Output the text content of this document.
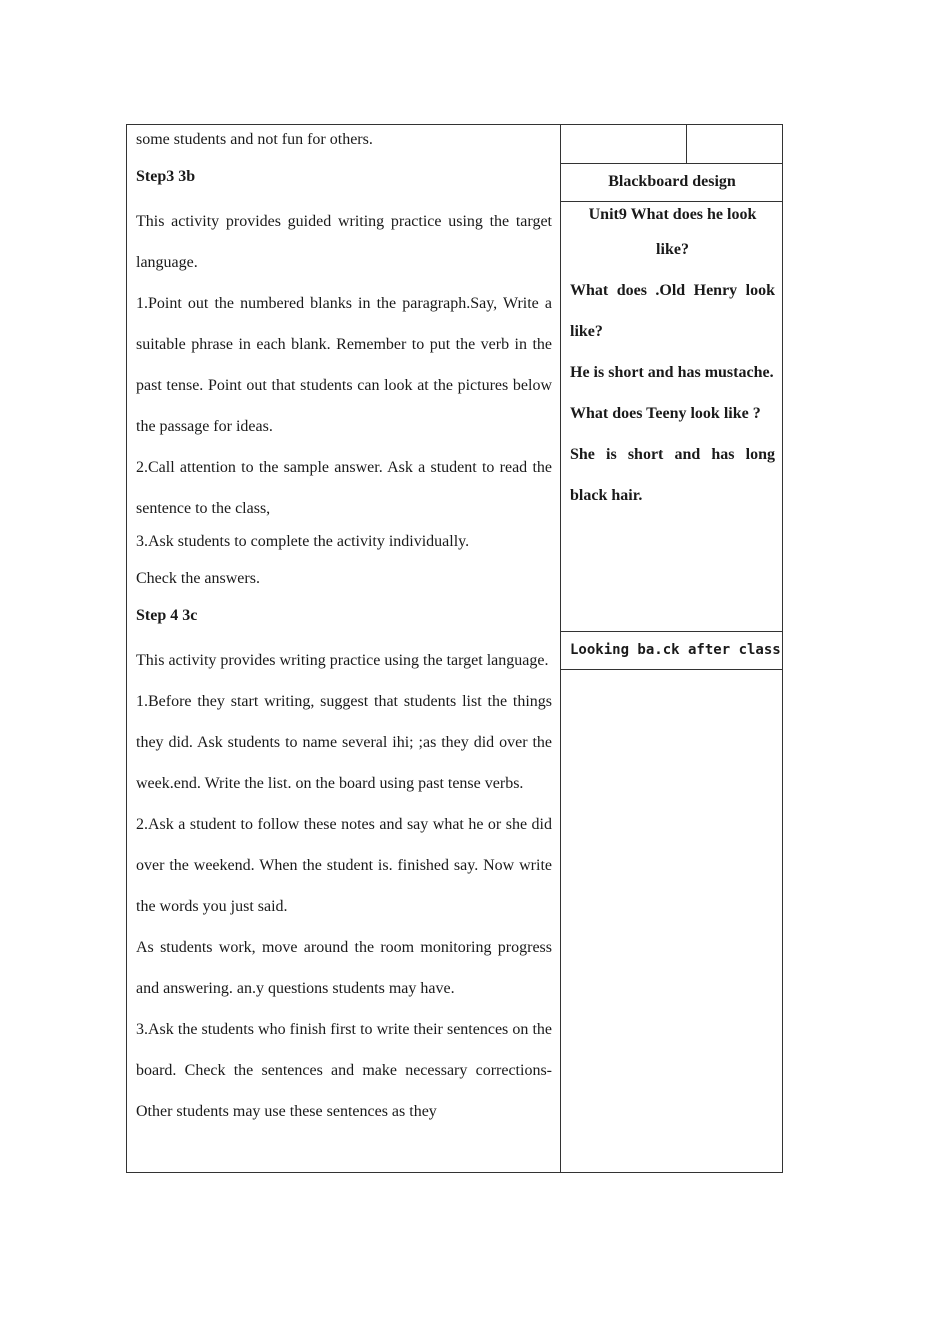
some students and not fun for others.

Step3 3b

This activity provides guided writing practice using the target language.

1.Point out the numbered blanks in the paragraph.Say, Write a suitable phrase in each blank. Remember to put the verb in the past tense. Point out that students can look at the pictures below the passage for ideas.

2.Call attention to the sample answer. Ask a student to read the sentence to the class,

3.Ask students to complete the activity individually.

Check the answers.

Step 4 3c

This activity provides writing practice using the target language.

1.Before they start writing, suggest that students list the things they did. Ask students to name several ihi; ;as they did over the week.end. Write the list. on the board using past tense verbs.

2.Ask a student to follow these notes and say what he or she did over the weekend. When the student is. finished say. Now write the words you just said.

As students work, move around the room monitoring progress and answering. an.y questions students may have.

3.Ask the students who finish first to write their sentences on the board. Check the sentences and make necessary corrections- Other students may use these sentences as they

Blackboard design

Unit9 What does he look

like?

What does .Old Henry look like?

He is short and has mustache.

What does Teeny look like ?

She is short and has long black hair.

Looking ba.ck after class
